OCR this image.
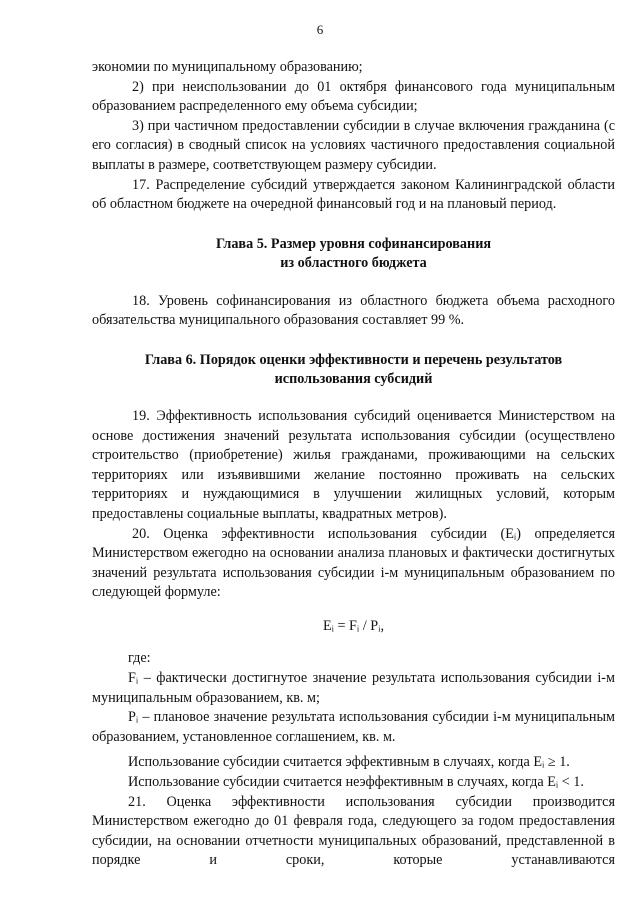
6

экономии по муниципальному образованию;

2) при неиспользовании до 01 октября финансового года муниципальным образованием распределенного ему объема субсидии;

3) при частичном предоставлении субсидии в случае включения гражданина (с его согласия) в сводный список на условиях частичного предоставления социальной выплаты в размере, соответствующем размеру субсидии.

17. Распределение субсидий утверждается законом Калининградской области об областном бюджете на очередной финансовый год и на плановый период.

Глава 5. Размер уровня софинансирования

из областного бюджета

18. Уровень софинансирования из областного бюджета объема расходного обязательства муниципального образования составляет 99 %.

Глава 6. Порядок оценки эффективности и перечень результатов

использования субсидий

19. Эффективность использования субсидий оценивается Министерством на основе достижения значений результата использования субсидии (осуществлено строительство (приобретение) жилья гражданами, проживающими на сельских территориях или изъявившими желание постоянно проживать на сельских территориях и нуждающимися в улучшении жилищных условий, которым предоставлены социальные выплаты, квадратных метров).

20. Оценка эффективности использования субсидии (Eᵢ) определяется Министерством ежегодно на основании анализа плановых и фактически достигнутых значений результата использования субсидии i-м муниципальным образованием по следующей формуле:

Eᵢ = Fᵢ / Pᵢ,

где:

Fᵢ – фактически достигнутое значение результата использования субсидии i-м муниципальным образованием, кв. м;

Pᵢ – плановое значение результата использования субсидии i-м муниципальным образованием, установленное соглашением, кв. м.

Использование субсидии считается эффективным в случаях, когда Eᵢ ≥ 1.

Использование субсидии считается неэффективным в случаях, когда Eᵢ < 1.

21. Оценка эффективности использования субсидии производится Министерством ежегодно до 01 февраля года, следующего за годом предоставления субсидии, на основании отчетности муниципальных образований, представленной в порядке и сроки, которые устанавливаются
